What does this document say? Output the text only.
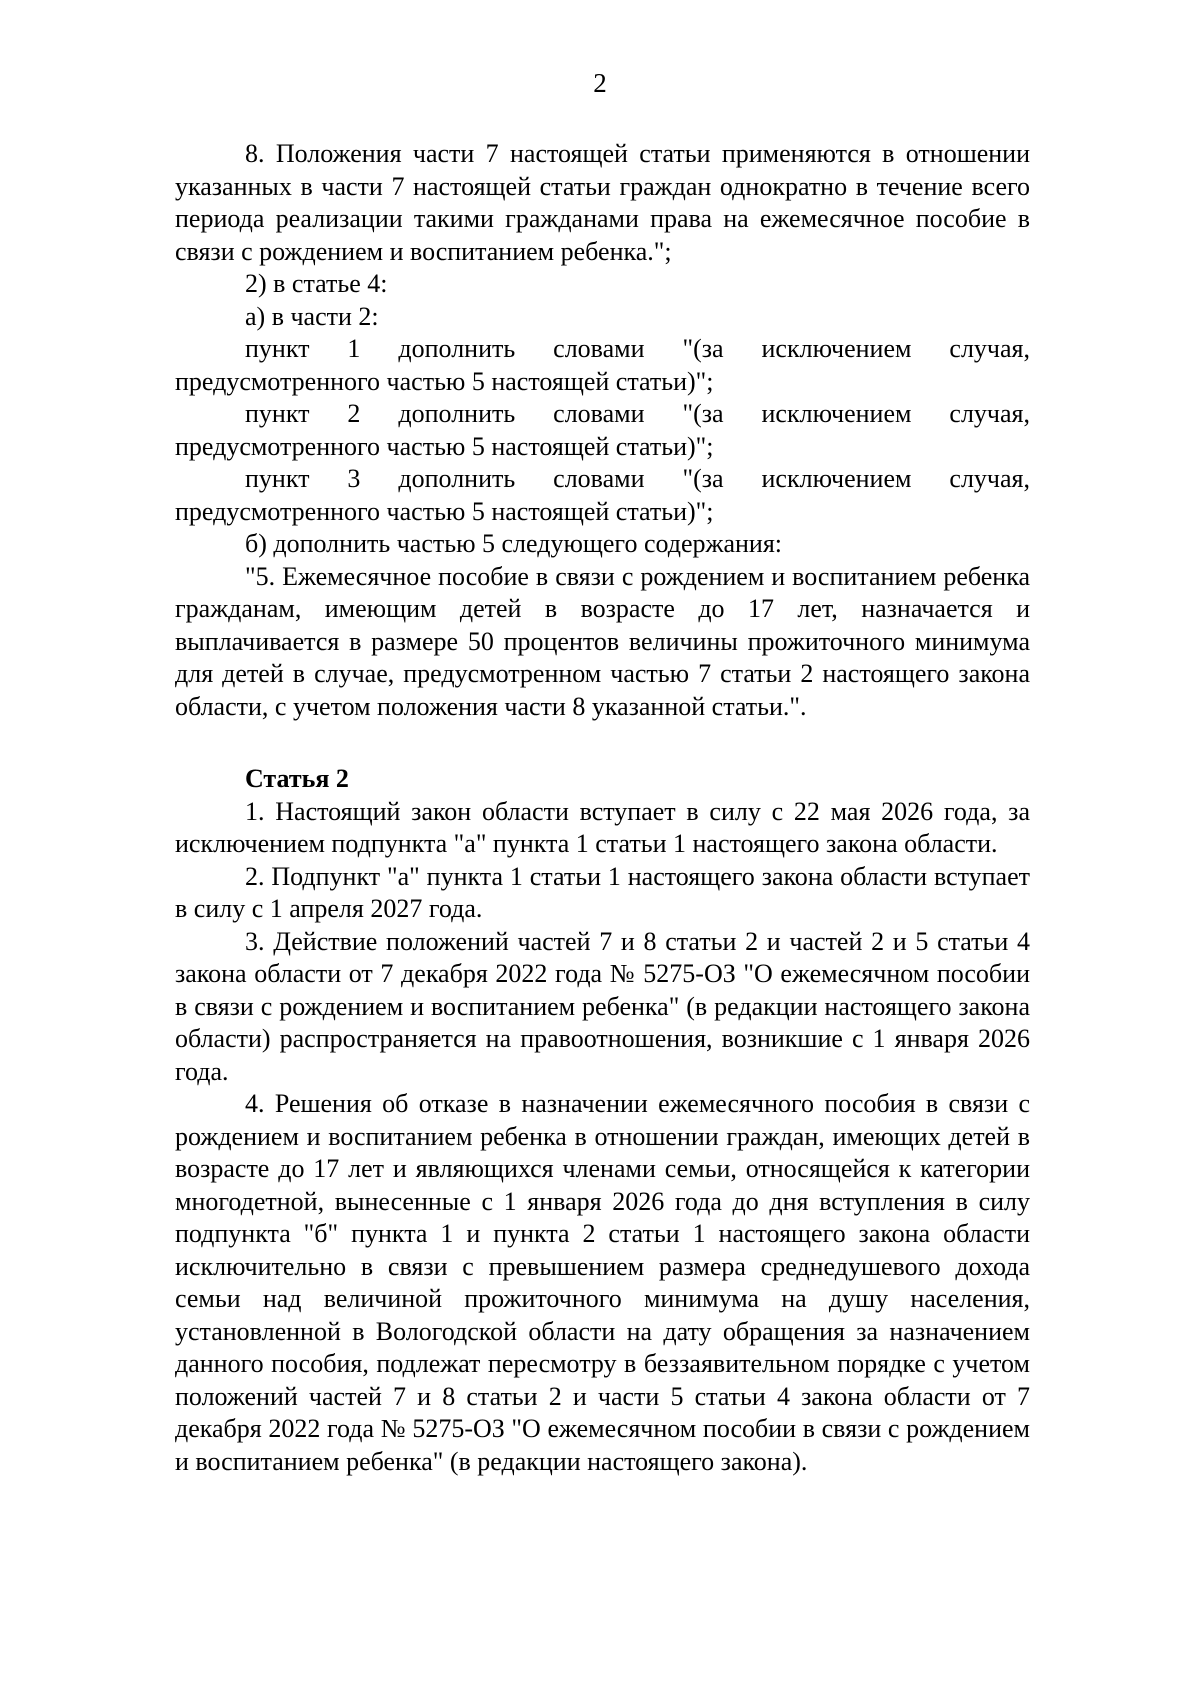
2

8. Положения части 7 настоящей статьи применяются в отношении указанных в части 7 настоящей статьи граждан однократно в течение всего периода реализации такими гражданами права на ежемесячное пособие в связи с рождением и воспитанием ребенка.";

2) в статье 4:

а) в части 2:

пункт 1 дополнить словами "(за исключением случая, предусмотренного частью 5 настоящей статьи)";

пункт 2 дополнить словами "(за исключением случая, предусмотренного частью 5 настоящей статьи)";

пункт 3 дополнить словами "(за исключением случая, предусмотренного частью 5 настоящей статьи)";

б) дополнить частью 5 следующего содержания:

"5. Ежемесячное пособие в связи с рождением и воспитанием ребенка гражданам, имеющим детей в возрасте до 17 лет, назначается и выплачивается в размере 50 процентов величины прожиточного минимума для детей в случае, предусмотренном частью 7 статьи 2 настоящего закона области, с учетом положения части 8 указанной статьи.".

Статья 2

1. Настоящий закон области вступает в силу с 22 мая 2026 года, за исключением подпункта "а" пункта 1 статьи 1 настоящего закона области.

2. Подпункт "а" пункта 1 статьи 1 настоящего закона области вступает в силу с 1 апреля 2027 года.

3. Действие положений частей 7 и 8 статьи 2 и частей 2 и 5 статьи 4 закона области от 7 декабря 2022 года № 5275-ОЗ "О ежемесячном пособии в связи с рождением и воспитанием ребенка" (в редакции настоящего закона области) распространяется на правоотношения, возникшие с 1 января 2026 года.

4. Решения об отказе в назначении ежемесячного пособия в связи с рождением и воспитанием ребенка в отношении граждан, имеющих детей в возрасте до 17 лет и являющихся членами семьи, относящейся к категории многодетной, вынесенные с 1 января 2026 года до дня вступления в силу подпункта "б" пункта 1 и пункта 2 статьи 1 настоящего закона области исключительно в связи с превышением размера среднедушевого дохода семьи над величиной прожиточного минимума на душу населения, установленной в Вологодской области на дату обращения за назначением данного пособия, подлежат пересмотру в беззаявительном порядке с учетом положений частей 7 и 8 статьи 2 и части 5 статьи 4 закона области от 7 декабря 2022 года № 5275-ОЗ "О ежемесячном пособии в связи с рождением и воспитанием ребенка" (в редакции настоящего закона).
